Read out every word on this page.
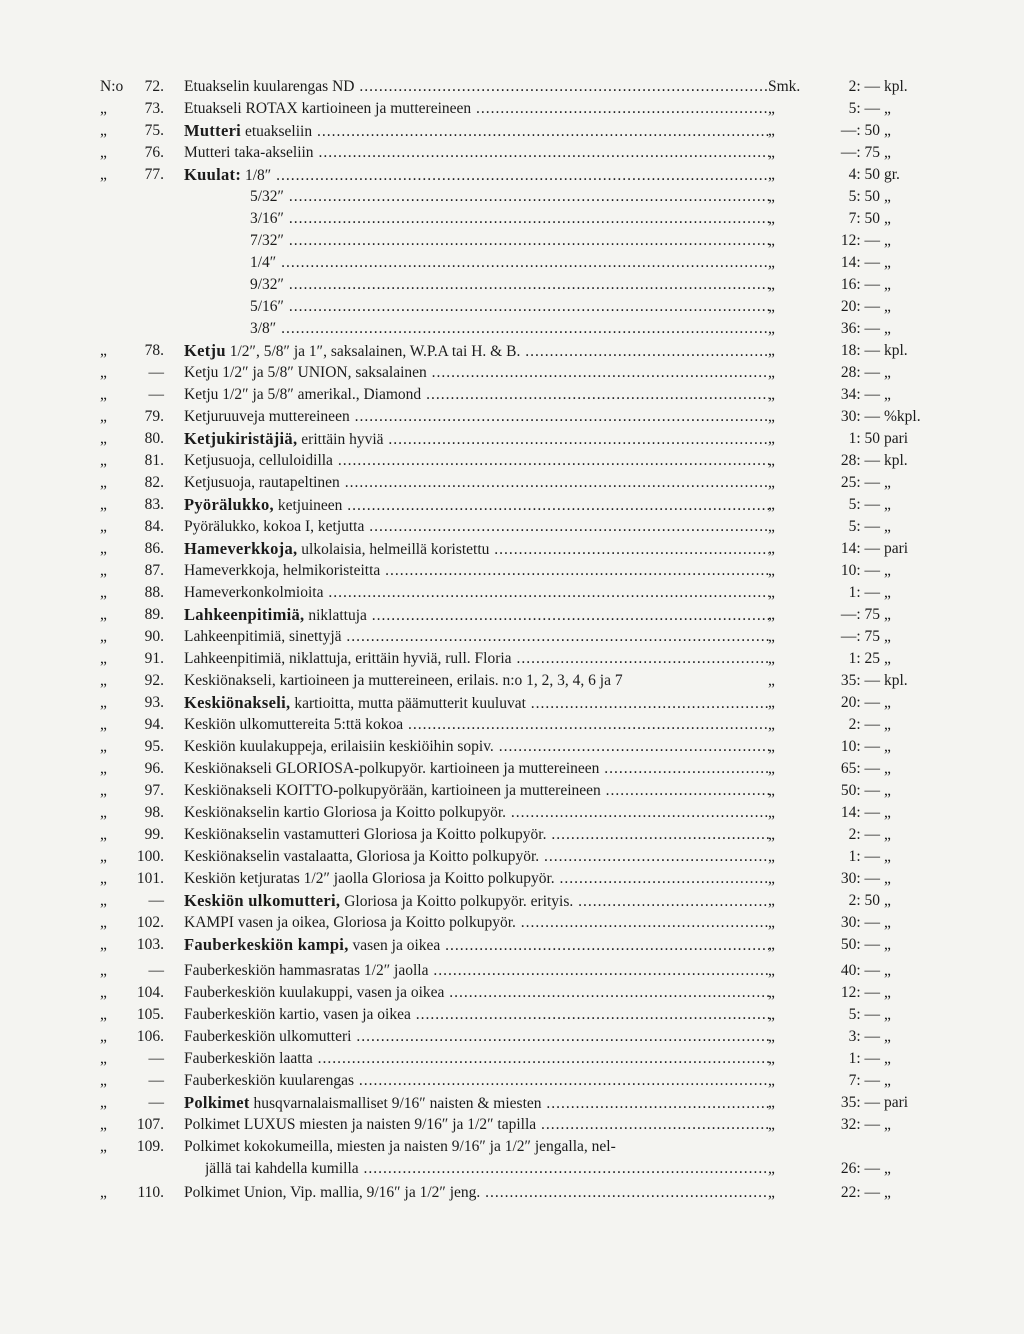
N:o	72. Etuakselin kuularengas ND .....	Smk.	2: — kpl.
„	73. Etuakseli ROTAX kartioineen ja muttereineen .....	„	5: — „
„	75. Mutteri etuakseliin .....	„	—: 50 „
„	76. Mutteri taka-akseliin .....	„	—: 75 „
„	77. Kuulat: 1/8″ .....	„	4: 50 gr.
5/32″ .....	„	5: 50 „
3/16″ .....	„	7: 50 „
7/32″ .....	„	12: — „
1/4″ .....	„	14: — „
9/32″ .....	„	16: — „
5/16″ .....	„	20: — „
3/8″ .....	„	36: — „
„	78. Ketju 1/2″, 5/8″ ja 1″, saksalainen, W.P.A tai H. & B. .....	„	18: — kpl.
„	— Ketju 1/2″ ja 5/8″ UNION, saksalainen .....	„	28: — „
„	— Ketju 1/2″ ja 5/8″ amerikal., Diamond .....	„	34: — „
„	79. Ketjuruuveja muttereineen .....	„	30: — %kpl.
„	80. Ketjukiristäjiä, erittäin hyviä .....	„	1: 50 pari
„	81. Ketjusuoja, celluloidilla .....	„	28: — kpl.
„	82. Ketjusuoja, rautapeltinen .....	„	25: — „
„	83. Pyörälukko, ketjuineen .....	„	5: — „
„	84. Pyörälukko, kokoa I, ketjutta .....	„	5: — „
„	86. Hameverkkoja, ulkolaisia, helmeillä koristettu .....	„	14: — pari
„	87. Hameverkkoja, helmikoristeitta .....	„	10: — „
„	88. Hameverkonkolmioita .....	„	1: — „
„	89. Lahkeenpitimiä, niklattuja .....	„	—: 75 „
„	90. Lahkeenpitimiä, sinettyjä .....	„	—: 75 „
„	91. Lahkeenpitimiä, niklattuja, erittäin hyviä, rull. Floria .....	„	1: 25 „
„	92. Keskiönakseli, kartioineen ja muttereineen, erilais. n:o 1, 2, 3, 4, 6 ja 7	„	35: — kpl.
„	93. Keskiönakseli, kartioitta, mutta päämutterit kuuluvat .....	„	20: — „
„	94. Keskiön ulkomuttereita 5:ttä kokoa .....	„	2: — „
„	95. Keskiön kuulakuppeja, erilaisiin keskiöihin sopiv. .....	„	10: — „
„	96. Keskiönakseli GLORIOSA-polkupyör. kartioineen ja muttereineen .....	„	65: — „
„	97. Keskiönakseli KOITTO-polkupyörään, kartioineen ja muttereineen .....	„	50: — „
„	98. Keskiönakselin kartio Gloriosa ja Koitto polkupyör. .....	„	14: — „
„	99. Keskiönakselin vastamutteri Gloriosa ja Koitto polkupyör. .....	„	2: — „
„	100. Keskiönakselin vastalaatta, Gloriosa ja Koitto polkupyör. .....	„	1: — „
„	101. Keskiön ketjuratas 1/2″ jaolla Gloriosa ja Koitto polkupyör. .....	„	30: — „
„	— Keskiön ulkomutteri, Gloriosa ja Koitto polkupyör. erityis. .....	„	2: 50 „
„	102. KAMPI vasen ja oikea, Gloriosa ja Koitto polkupyör. .....	„	30: — „
„	103. Fauberkeskiön kampi, vasen ja oikea .....	„	50: — „
„	— Fauberkeskiön hammasratas 1/2″ jaolla .....	„	40: — „
„	104. Fauberkeskiön kuulakuppi, vasen ja oikea .....	„	12: — „
„	105. Fauberkeskiön kartio, vasen ja oikea .....	„	5: — „
„	106. Fauberkeskiön ulkomutteri .....	„	3: — „
„	— Fauberkeskiön laatta .....	„	1: — „
„	— Fauberkeskiön kuularengas .....	„	7: — „
„	— Polkimet husqvarnalaismalliset 9/16″ naisten & miesten .....	„	35: — pari
„	107. Polkimet LUXUS miesten ja naisten 9/16″ ja 1/2″ tapilla .....	„	32: — „
„	109. Polkimet kokokumeilla, miesten ja naisten 9/16″ ja 1/2″ jengalla, nel-
jällä tai kahdella kumilla .....	„	26: — „
„	110. Polkimet Union, Vip. mallia, 9/16″ ja 1/2″ jeng. .....	„	22: — „
